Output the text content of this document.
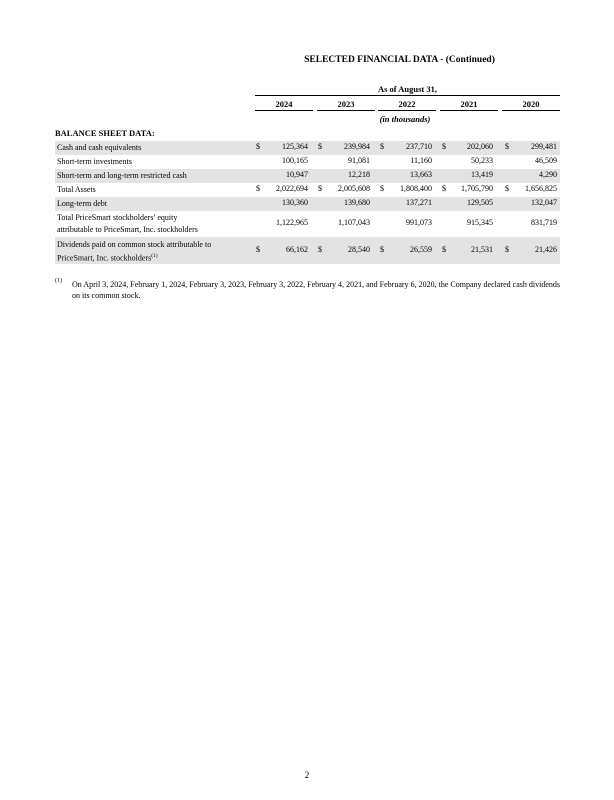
SELECTED FINANCIAL DATA - (Continued)
As of August 31,
2024	2023	2022	2021	2020
(in thousands)
BALANCE SHEET DATA:
Cash and cash equivalents	$	125,364 $	239,984 $	237,710 $	202,060 $	299,481
Short-term investments	100,165	91,081	11,160	50,233	46,509
Short-term and long-term restricted cash	10,947	12,218	13,663	13,419	4,290
Total Assets	$	2,022,694 $	2,005,608 $	1,808,400 $	1,705,790 $	1,656,825
Long-term debt	130,360	139,680	137,271	129,505	132,047
Total PriceSmart stockholders’ equity
attributable to PriceSmart, Inc. stockholders
1,122,965	1,107,043	991,073	915,345	831,719
Dividends paid on common stock attributable to
PriceSmart, Inc. stockholders$^{(1)}$
$	66,162 $	28,540 $	26,559 $	21,531 $	21,426
(1) On April 3, 2024, February 1, 2024, February 3, 2023, February 3, 2022, February 4, 2021, and February 6, 2020, the Company declared cash dividends on its common stock.
2
